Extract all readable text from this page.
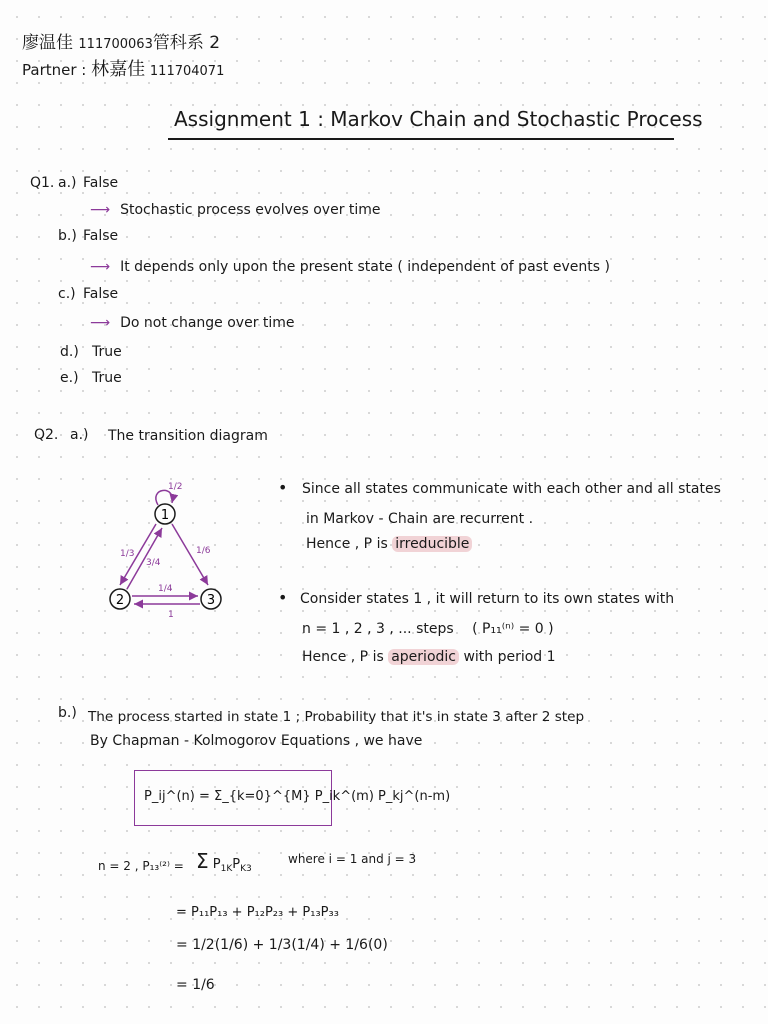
廖温佳 111700063管科系 2
Partner : 林嘉佳 111704071
Assignment 1 : Markov Chain and Stochastic Process
Q1. a.) False
⟶ Stochastic process evolves over time
b.) False
⟶ It depends only upon the present state ( independent of past events )
c.) False
⟶ Do not change over time
d.) True
e.) True
Q2. a.) The transition diagram
1
2	3
1/2
1/3
3/4
1/6
1/4
1
• Since all states communicate with each other and all states
in Markov - Chain are recurrent .
Hence , P is irreducible
• Consider states 1 , it will return to its own states with
n = 1 , 2 , 3 , ... steps ( P₁₁⁽ⁿ⁾ = 0 )
Hence , P is aperiodic with period 1
b.) The process started in state 1 ; Probability that it's in state 3 after 2 step
By Chapman - Kolmogorov Equations , we have
P_ij^(n) = Σ_{k=0}^{M} P_ik^(m) P_kj^(n-m)
n = 2 , P₁₃⁽²⁾ = Σ $P_{1K}P_{K3}$
where i = 1 and j = 3
= P₁₁P₁₃ + P₁₂P₂₃ + P₁₃P₃₃
= 1/2(1/6) + 1/3(1/4) + 1/6(0)
= 1/6
